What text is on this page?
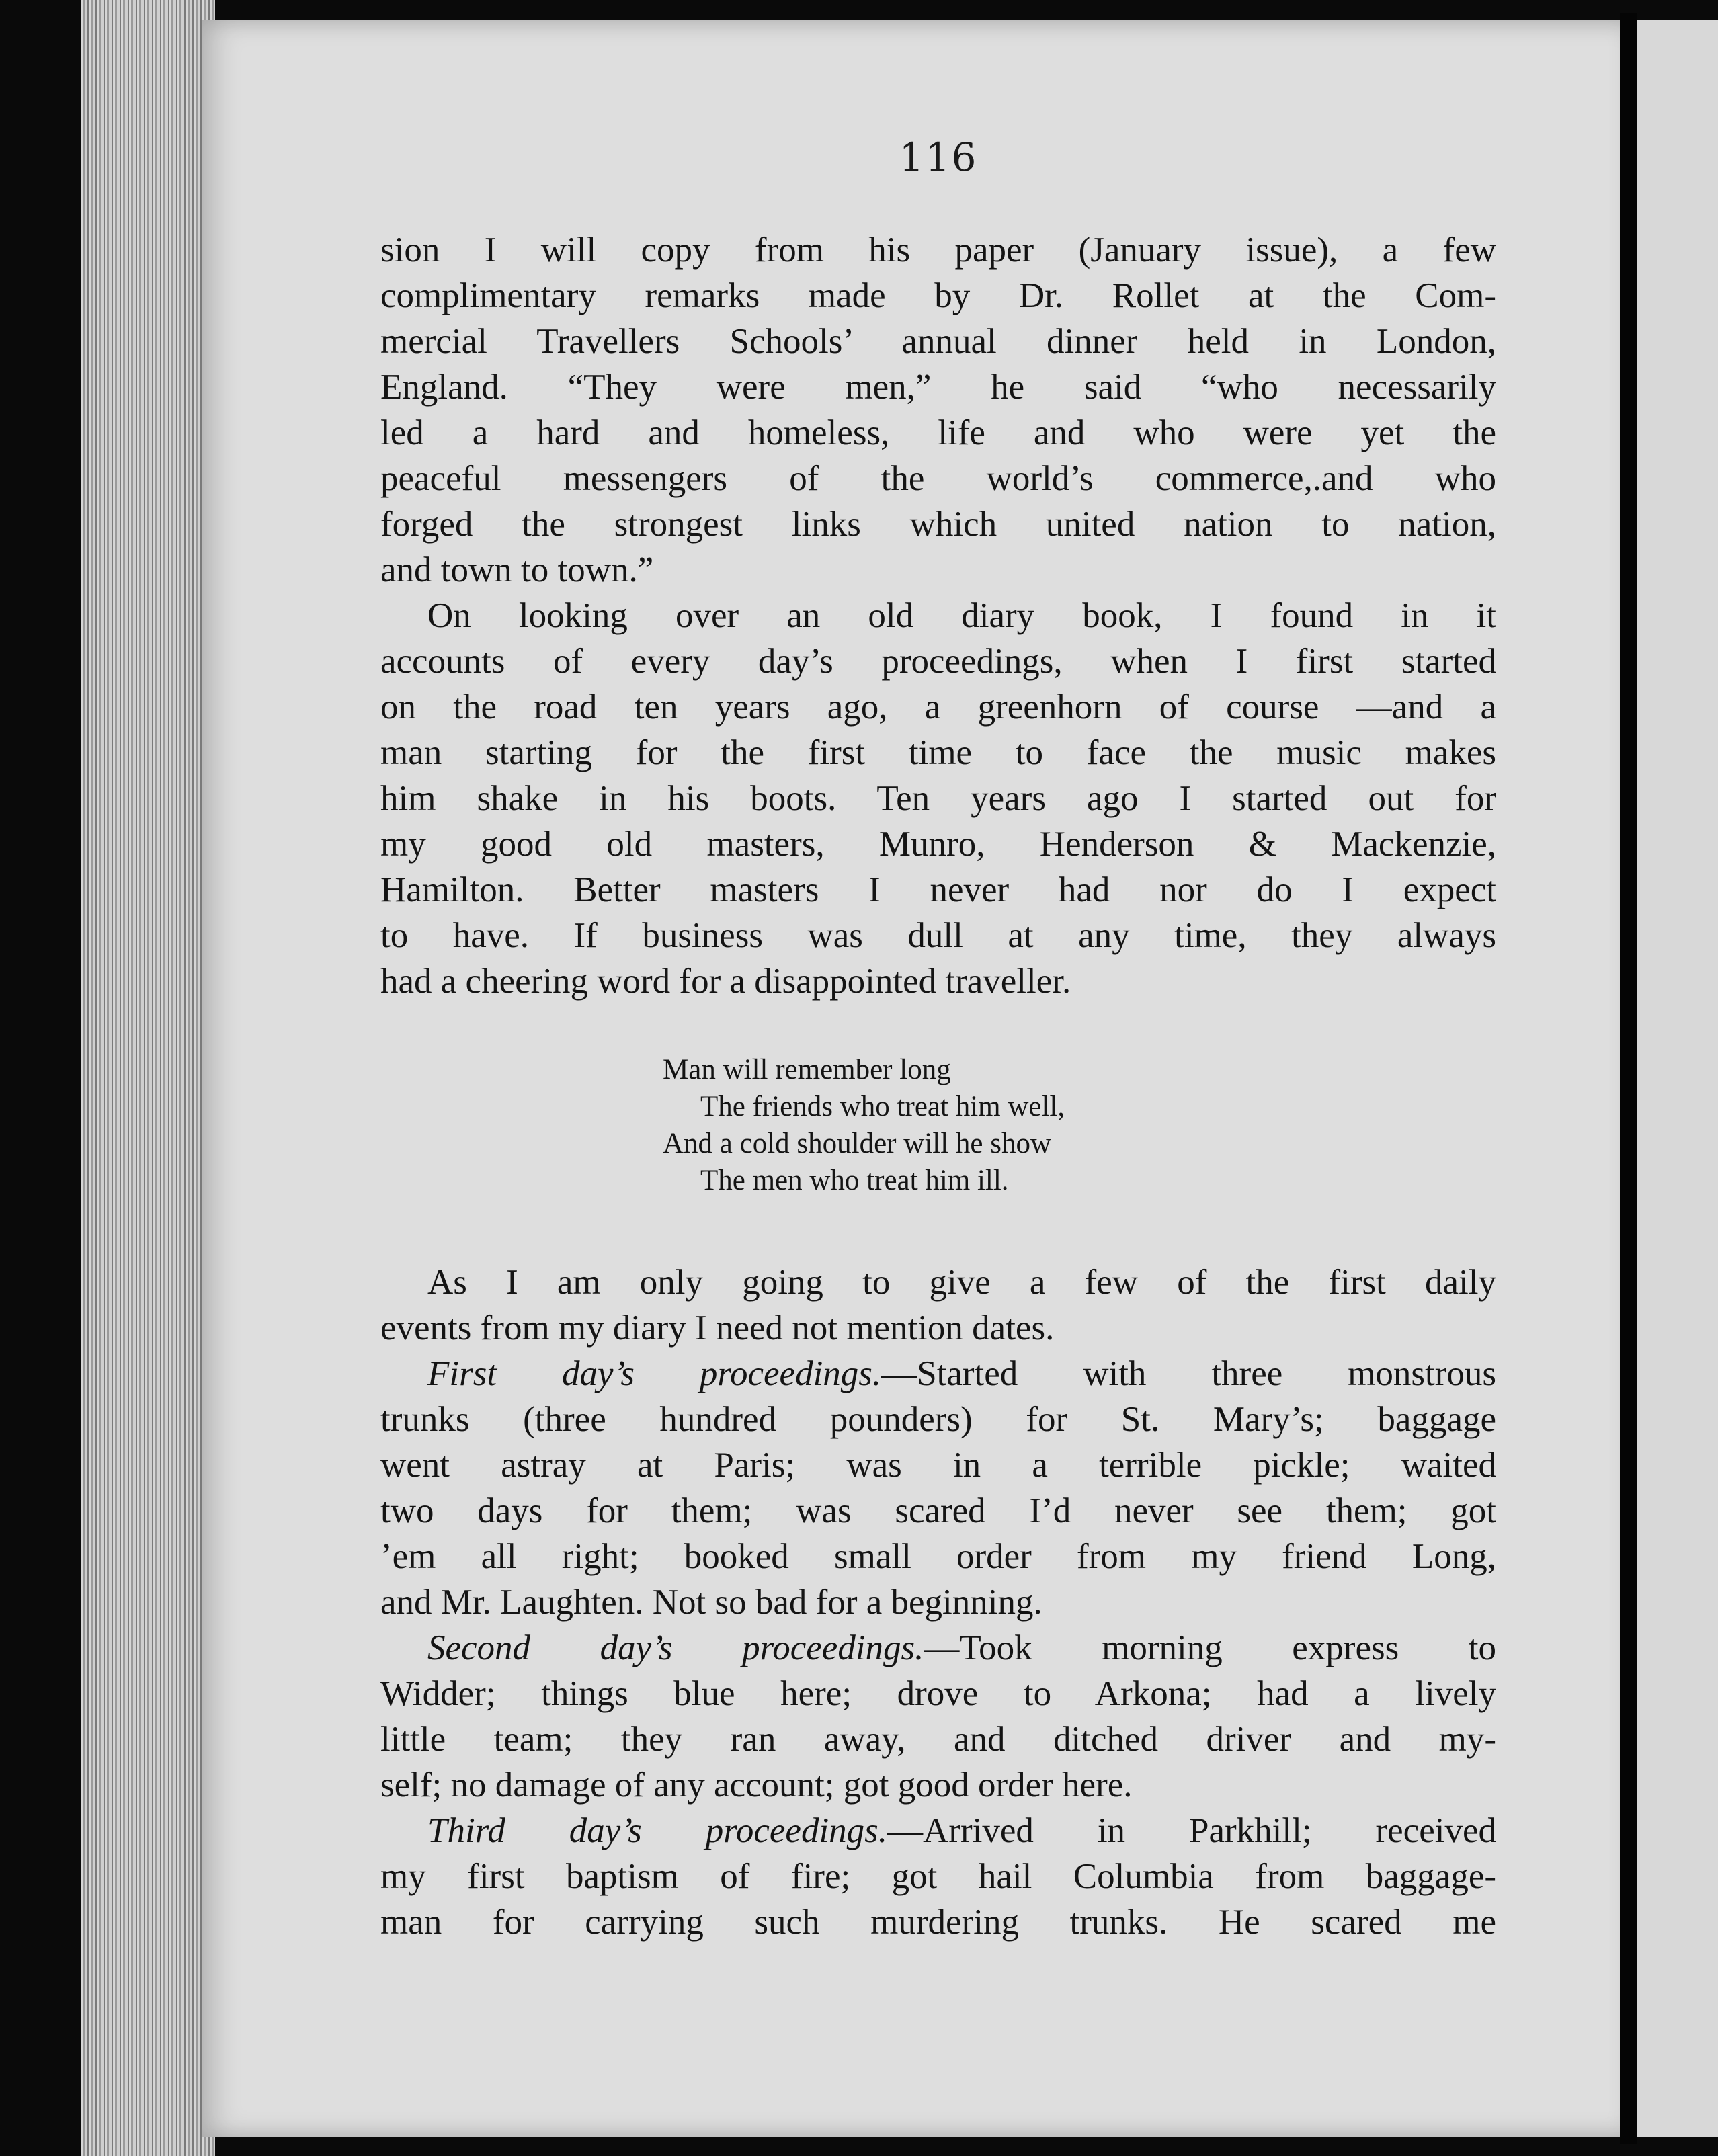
116

sion I will copy from his paper (January issue), a few
complimentary remarks made by Dr. Rollet at the Com-
mercial Travellers Schools’ annual dinner held in London,
England. “They were men,” he said “who necessarily
led a hard and homeless, life and who were yet the
peaceful messengers of the world’s commerce,.and who
forged the strongest links which united nation to nation,
and town to town.”

On looking over an old diary book, I found in it
accounts of every day’s proceedings, when I first started
on the road ten years ago, a greenhorn of course —and a
man starting for the first time to face the music makes
him shake in his boots. Ten years ago I started out for
my good old masters, Munro, Henderson & Mackenzie,
Hamilton. Better masters I never had nor do I expect
to have. If business was dull at any time, they always
had a cheering word for a disappointed traveller.

Man will remember long
The friends who treat him well,
And a cold shoulder will he show
The men who treat him ill.

As I am only going to give a few of the first daily
events from my diary I need not mention dates.

First day’s proceedings.—Started with three monstrous
trunks (three hundred pounders) for St. Mary’s; baggage
went astray at Paris; was in a terrible pickle; waited
two days for them; was scared I’d never see them; got
’em all right; booked small order from my friend Long,
and Mr. Laughten. Not so bad for a beginning.

Second day’s proceedings.—Took morning express to
Widder; things blue here; drove to Arkona; had a lively
little team; they ran away, and ditched driver and my-
self; no damage of any account; got good order here.

Third day’s proceedings.—Arrived in Parkhill; received
my first baptism of fire; got hail Columbia from baggage-
man for carrying such murdering trunks. He scared me
